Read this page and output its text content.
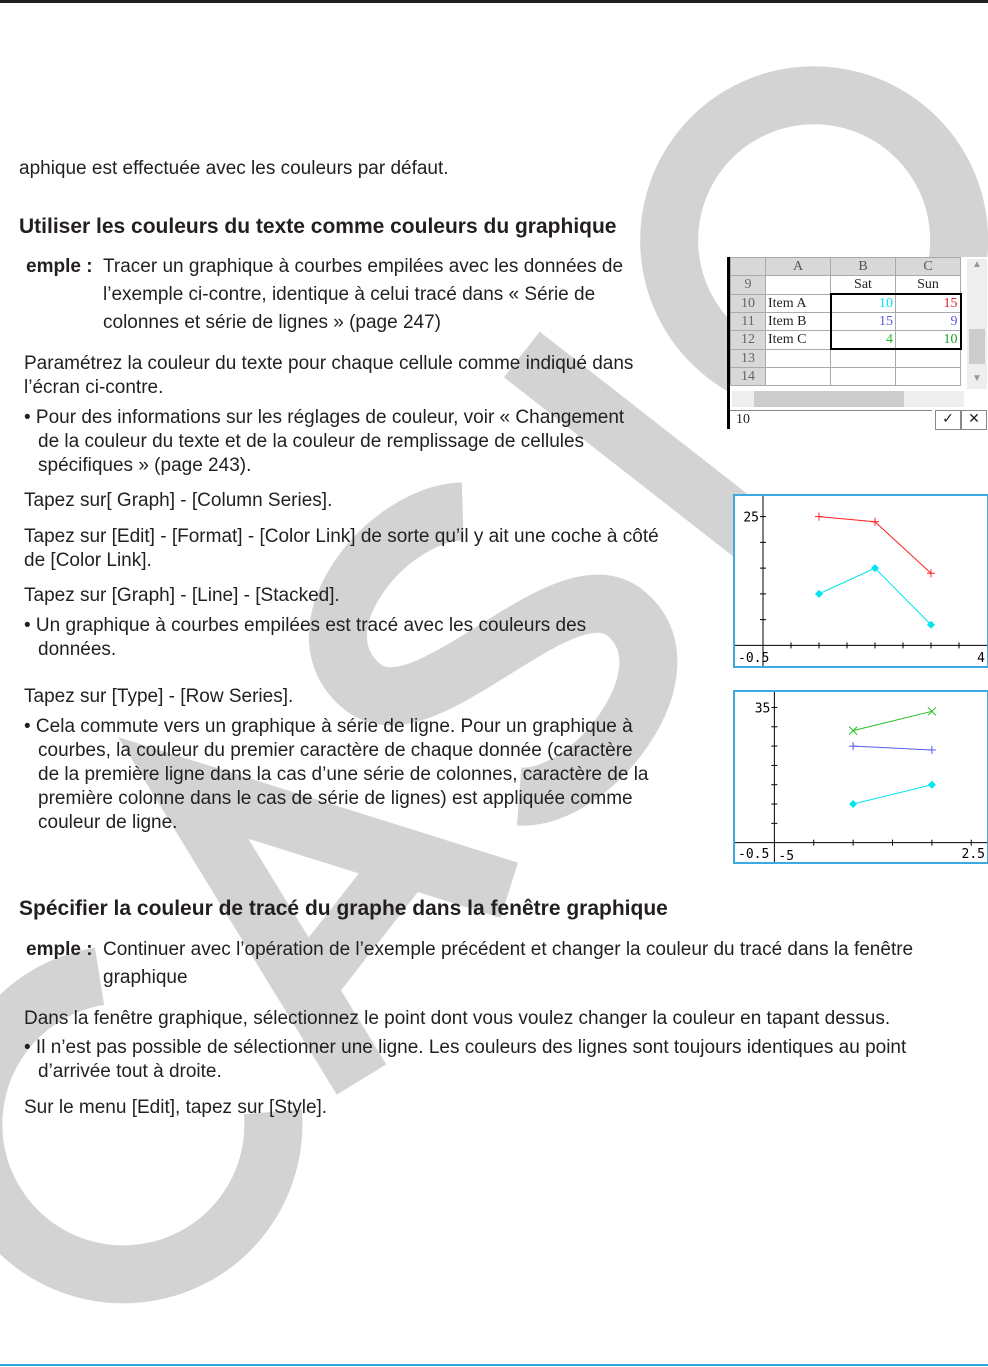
aphique est effectuée avec les couleurs par défaut.
Utiliser les couleurs du texte comme couleurs du graphique
emple : Tracer un graphique à courbes empilées avec les données de
l’exemple ci-contre, identique à celui tracé dans « Série de
colonnes et série de lignes » (page 247)
Paramétrez la couleur du texte pour chaque cellule comme indiqué dans
l’écran ci-contre.
• Pour des informations sur les réglages de couleur, voir « Changement
de la couleur du texte et de la couleur de remplissage de cellules
spécifiques » (page 243).
Tapez sur[ Graph] - [Column Series].
Tapez sur [Edit] - [Format] - [Color Link] de sorte qu’il y ait une coche à côté
de [Color Link].
Tapez sur [Graph] - [Line] - [Stacked].
• Un graphique à courbes empilées est tracé avec les couleurs des
données.
Tapez sur [Type] - [Row Series].
• Cela commute vers un graphique à série de ligne. Pour un graphique à
courbes, la couleur du premier caractère de chaque donnée (caractère
de la première ligne dans la cas d’une série de colonnes, caractère de la
première colonne dans le cas de série de lignes) est appliquée comme
couleur de ligne.
Spécifier la couleur de tracé du graphe dans la fenêtre graphique
emple : Continuer avec l’opération de l’exemple précédent et changer la couleur du tracé dans la fenêtre
graphique
Dans la fenêtre graphique, sélectionnez le point dont vous voulez changer la couleur en tapant dessus.
• Il n’est pas possible de sélectionner une ligne. Les couleurs des lignes sont toujours identiques au point
d’arrivée tout à droite.
Sur le menu [Edit], tapez sur [Style].
	A	B	C
9		Sat	Sun
10	Item A	10	15
11	Item B	15	9
12	Item C	4	10
13			
14			
▲
▼
10	✓	✕
25
-0.5	4
35
-0.5	2.5
-5
